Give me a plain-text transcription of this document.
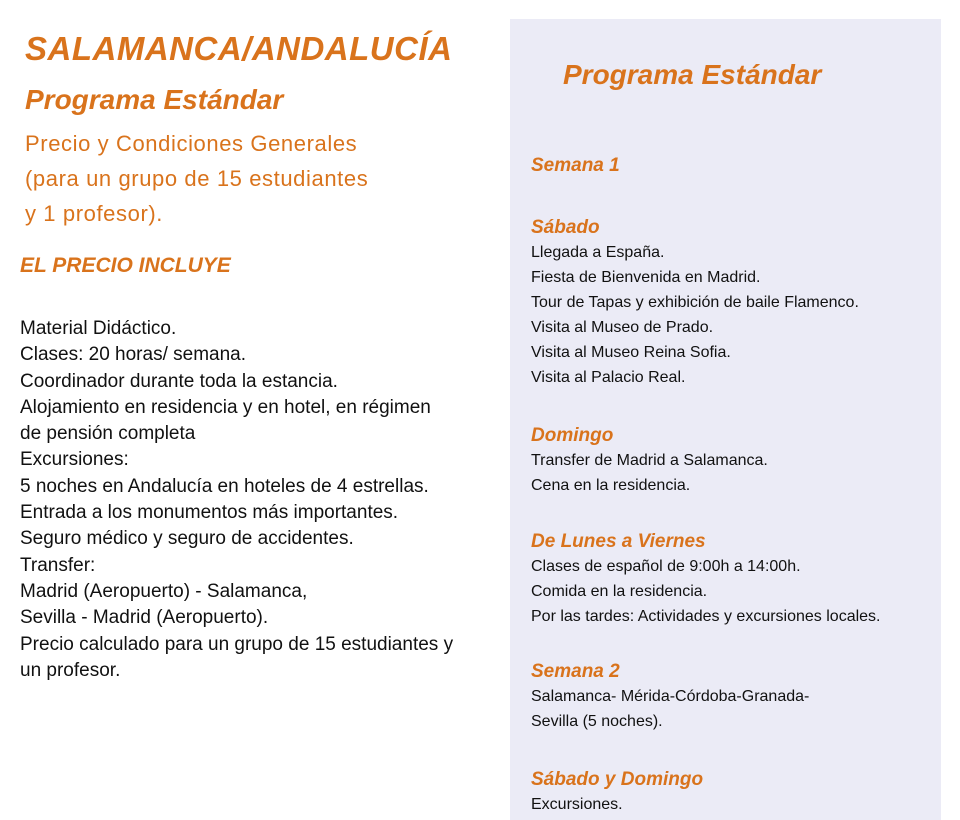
SALAMANCA/ANDALUCÍA
Programa Estándar
Precio y Condiciones Generales
(para un grupo de 15 estudiantes
y 1 profesor).
EL PRECIO INCLUYE
Material Didáctico.
Clases: 20 horas/ semana.
Coordinador durante toda la estancia.
Alojamiento en residencia y en hotel, en régimen
de pensión completa
Excursiones:
5 noches en Andalucía en hoteles de 4 estrellas.
Entrada a los monumentos más importantes.
Seguro médico y seguro de accidentes.
Transfer:
Madrid (Aeropuerto) - Salamanca,
Sevilla - Madrid (Aeropuerto).
Precio calculado para un grupo de 15 estudiantes y
un profesor.
Programa Estándar
Semana 1
Sábado
Llegada a España.
Fiesta de Bienvenida en Madrid.
Tour de Tapas y exhibición de baile Flamenco.
Visita al Museo de Prado.
Visita al Museo Reina Sofia.
Visita al Palacio Real.
Domingo
Transfer de Madrid a Salamanca.
Cena en la residencia.
De Lunes a Viernes
Clases de español de 9:00h a 14:00h.
Comida en la residencia.
Por las tardes: Actividades y excursiones locales.
Semana 2
Salamanca- Mérida-Córdoba-Granada-
Sevilla (5 noches).
Sábado y Domingo
Excursiones.
